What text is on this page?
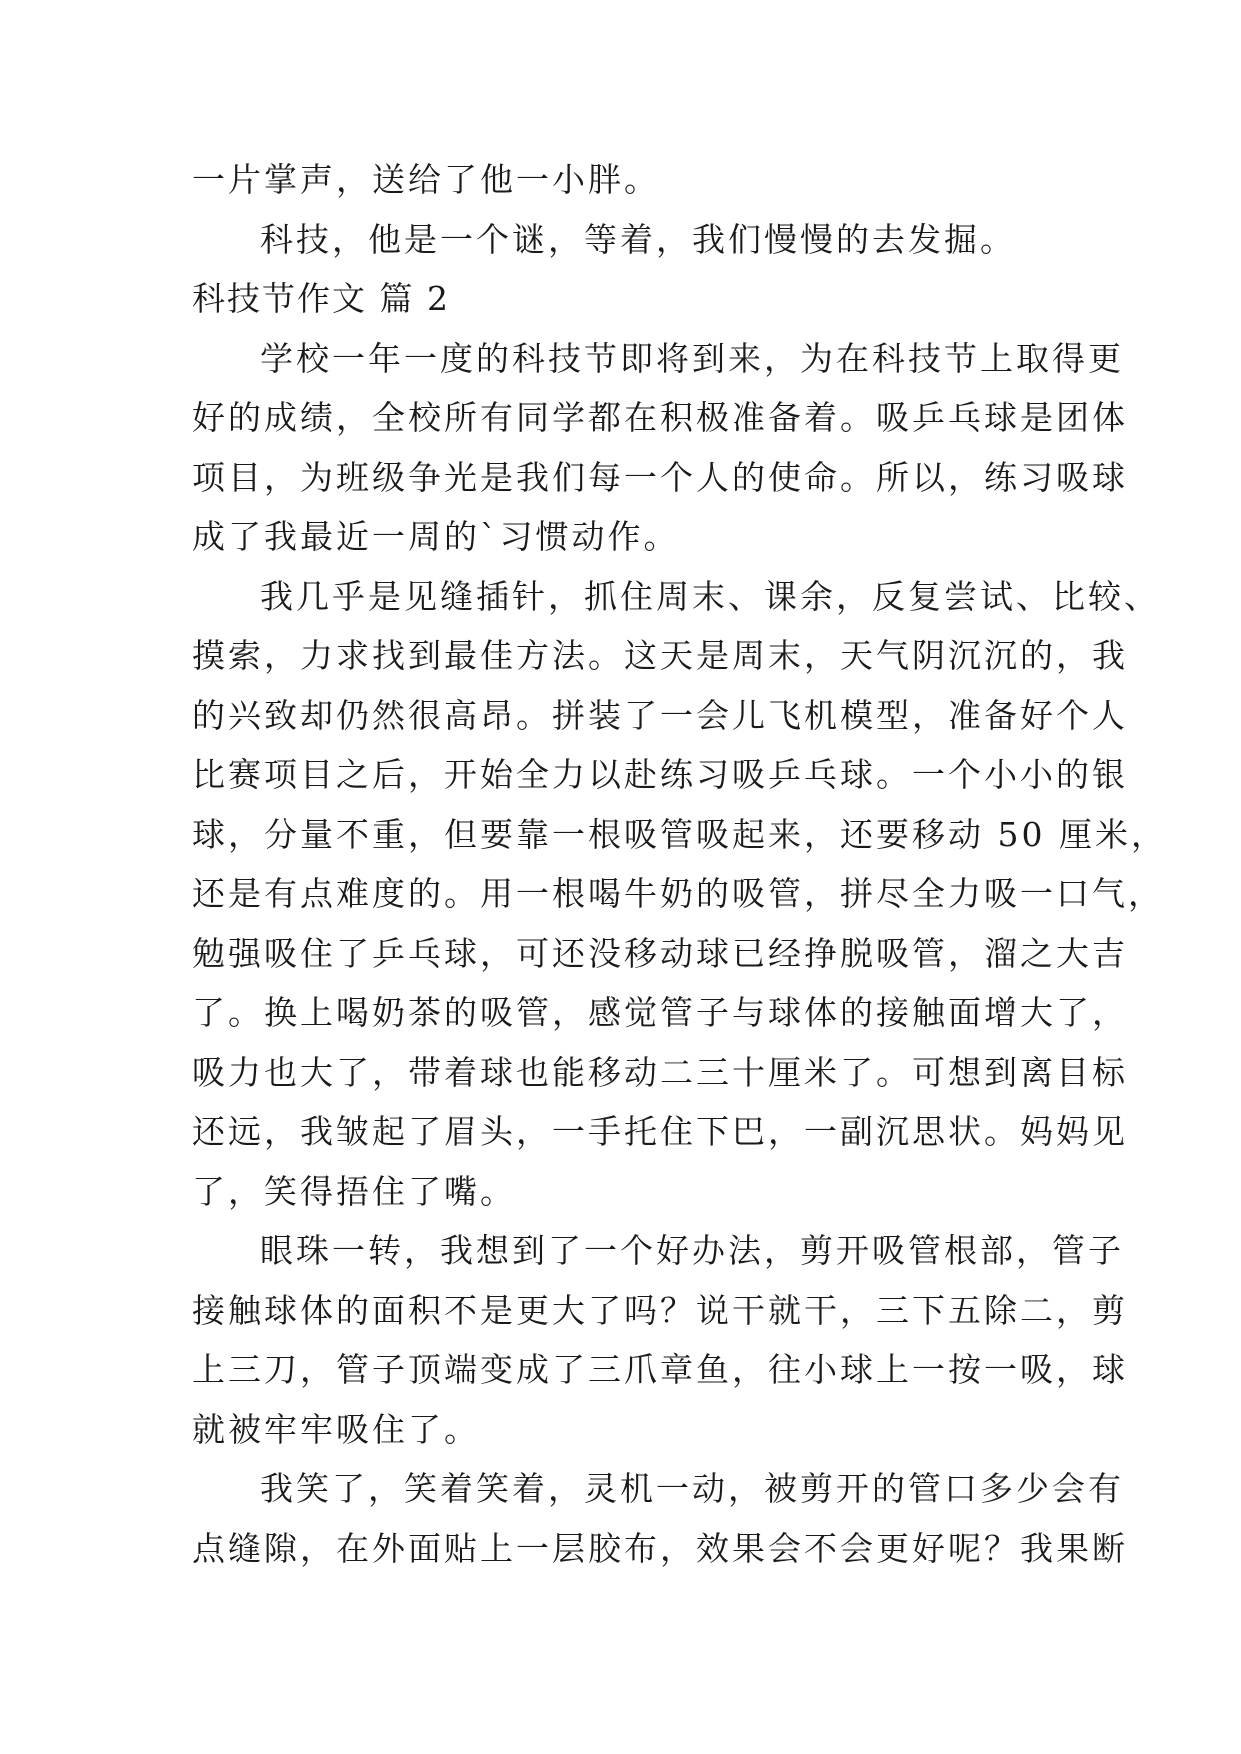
一片掌声，送给了他一小胖。
科技，他是一个谜，等着，我们慢慢的去发掘。
科技节作文 篇 2
学校一年一度的科技节即将到来，为在科技节上取得更
好的成绩，全校所有同学都在积极准备着。吸乒乓球是团体
项目，为班级争光是我们每一个人的使命。所以，练习吸球
成了我最近一周的`习惯动作。
我几乎是见缝插针，抓住周末、课余，反复尝试、比较、
摸索，力求找到最佳方法。这天是周末，天气阴沉沉的，我
的兴致却仍然很高昂。拼装了一会儿飞机模型，准备好个人
比赛项目之后，开始全力以赴练习吸乒乓球。一个小小的银
球，分量不重，但要靠一根吸管吸起来，还要移动 50 厘米，
还是有点难度的。用一根喝牛奶的吸管，拼尽全力吸一口气，
勉强吸住了乒乓球，可还没移动球已经挣脱吸管，溜之大吉
了。换上喝奶茶的吸管，感觉管子与球体的接触面增大了，
吸力也大了，带着球也能移动二三十厘米了。可想到离目标
还远，我皱起了眉头，一手托住下巴，一副沉思状。妈妈见
了，笑得捂住了嘴。
眼珠一转，我想到了一个好办法，剪开吸管根部，管子
接触球体的面积不是更大了吗？说干就干，三下五除二，剪
上三刀，管子顶端变成了三爪章鱼，往小球上一按一吸，球
就被牢牢吸住了。
我笑了，笑着笑着，灵机一动，被剪开的管口多少会有
点缝隙，在外面贴上一层胶布，效果会不会更好呢？我果断
